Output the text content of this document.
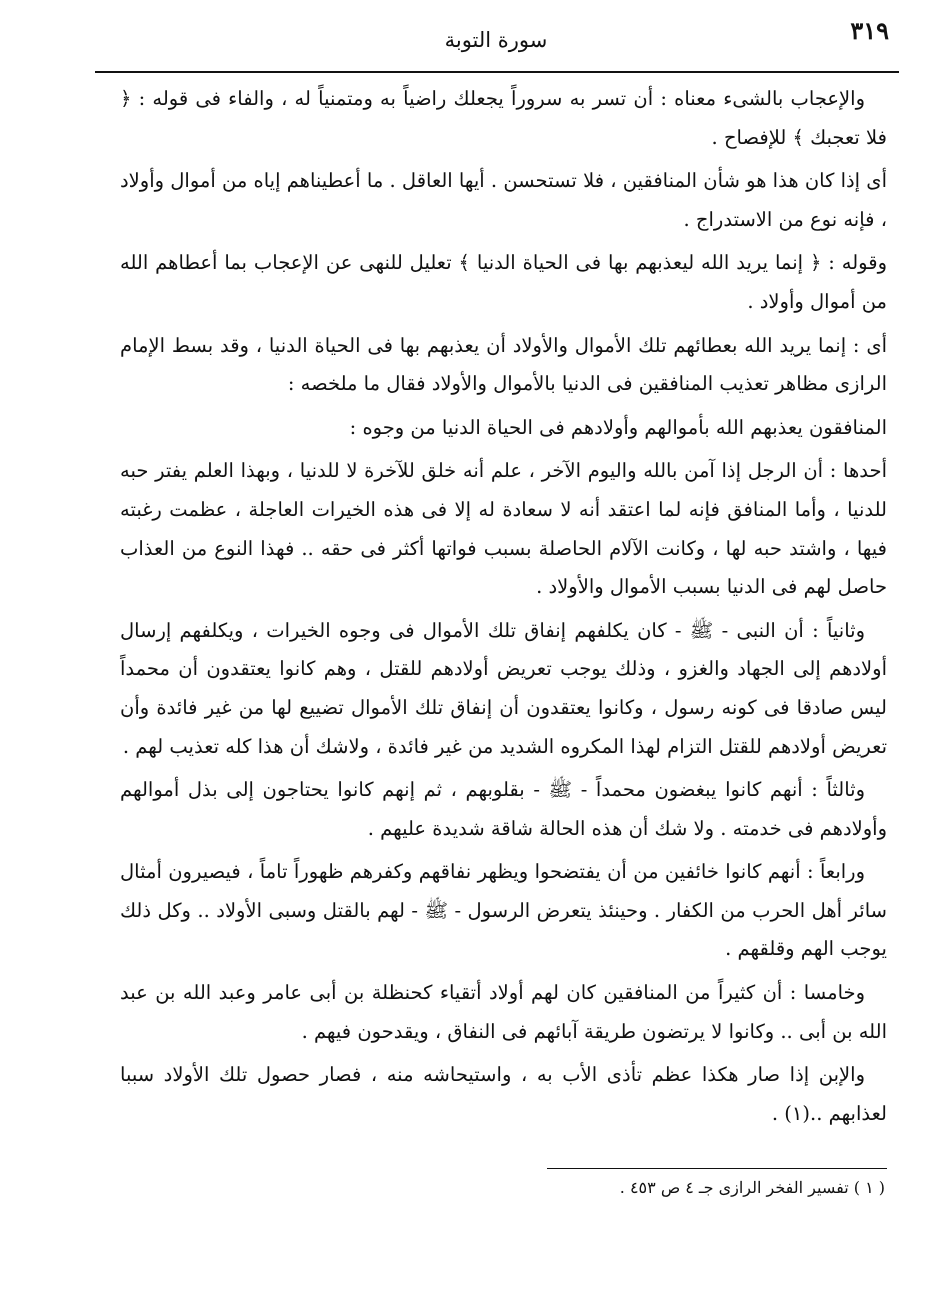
٣١٩
سورة التوبة

والإعجاب بالشىء معناه : أن تسر به سروراً يجعلك راضياً به ومتمنياً له ، والفاء فى قوله : ﴿ فلا تعجبك ﴾ للإفصاح .

أى إذا كان هذا هو شأن المنافقين ، فلا تستحسن . أيها العاقل . ما أعطيناهم إياه من أموال وأولاد ، فإنه نوع من الاستدراج .

وقوله : ﴿ إنما يريد الله ليعذبهم بها فى الحياة الدنيا ﴾ تعليل للنهى عن الإعجاب بما أعطاهم الله من أموال وأولاد .

أى : إنما يريد الله بعطائهم تلك الأموال والأولاد أن يعذبهم بها فى الحياة الدنيا ، وقد بسط الإمام الرازى مظاهر تعذيب المنافقين فى الدنيا بالأموال والأولاد فقال ما ملخصه :

المنافقون يعذبهم الله بأموالهم وأولادهم فى الحياة الدنيا من وجوه :

أحدها : أن الرجل إذا آمن بالله واليوم الآخر ، علم أنه خلق للآخرة لا للدنيا ، وبهذا العلم يفتر حبه للدنيا ، وأما المنافق فإنه لما اعتقد أنه لا سعادة له إلا فى هذه الخيرات العاجلة ، عظمت رغبته فيها ، واشتد حبه لها ، وكانت الآلام الحاصلة بسبب فواتها أكثر فى حقه .. فهذا النوع من العذاب حاصل لهم فى الدنيا بسبب الأموال والأولاد .

وثانياً : أن النبى - ﷺ - كان يكلفهم إنفاق تلك الأموال فى وجوه الخيرات ، ويكلفهم إرسال أولادهم إلى الجهاد والغزو ، وذلك يوجب تعريض أولادهم للقتل ، وهم كانوا يعتقدون أن محمداً ليس صادقا فى كونه رسول ، وكانوا يعتقدون أن إنفاق تلك الأموال تضييع لها من غير فائدة وأن تعريض أولادهم للقتل التزام لهذا المكروه الشديد من غير فائدة ، ولاشك أن هذا كله تعذيب لهم .

وثالثاً : أنهم كانوا يبغضون محمداً - ﷺ - بقلوبهم ، ثم إنهم كانوا يحتاجون إلى بذل أموالهم وأولادهم فى خدمته . ولا شك أن هذه الحالة شاقة شديدة عليهم .

ورابعاً : أنهم كانوا خائفين من أن يفتضحوا ويظهر نفاقهم وكفرهم ظهوراً تاماً ، فيصيرون أمثال سائر أهل الحرب من الكفار . وحينئذ يتعرض الرسول - ﷺ - لهم بالقتل وسبى الأولاد .. وكل ذلك يوجب الهم وقلقهم .

وخامسا : أن كثيراً من المنافقين كان لهم أولاد أتقياء كحنظلة بن أبى عامر وعبد الله بن عبد الله بن أبى .. وكانوا لا يرتضون طريقة آبائهم فى النفاق ، ويقدحون فيهم .

والإبن إذا صار هكذا عظم تأذى الأب به ، واستيحاشه منه ، فصار حصول تلك الأولاد سببا لعذابهم ..(١) .

( ١ ) تفسير الفخر الرازى جـ ٤ ص ٤٥٣ .
